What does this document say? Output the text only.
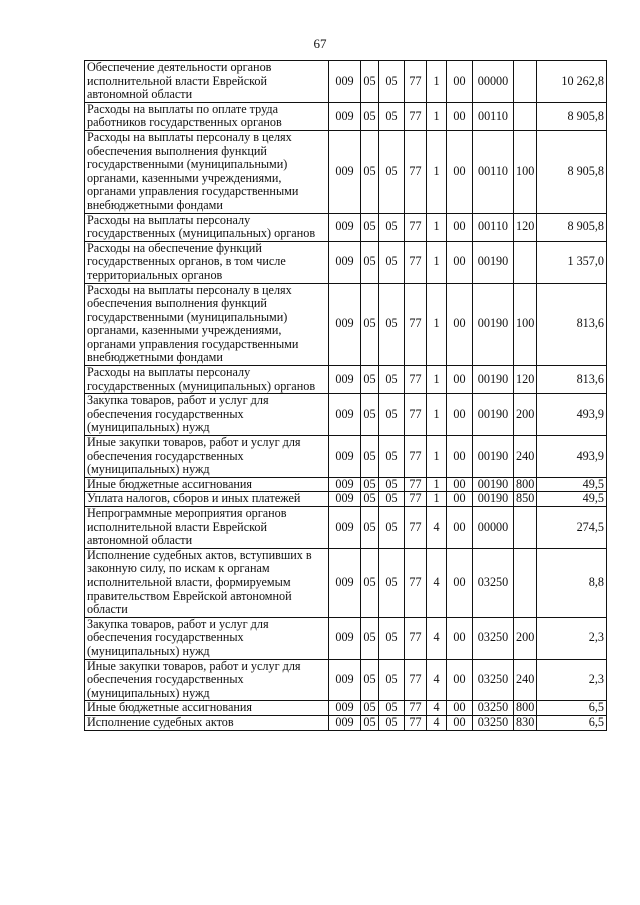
67
Обеспечение деятельности органов исполнительной власти Еврейской автономной области	009	05	05	77	1	00	00000		10 262,8
Расходы на выплаты по оплате труда работников государственных органов	009	05	05	77	1	00	00110		8 905,8
Расходы на выплаты персоналу в целях обеспечения выполнения функций государственными (муниципальными) органами, казенными учреждениями, органами управления государственными внебюджетными фондами	009	05	05	77	1	00	00110	100	8 905,8
Расходы на выплаты персоналу государственных (муниципальных) органов	009	05	05	77	1	00	00110	120	8 905,8
Расходы на обеспечение функций государственных органов, в том числе территориальных органов	009	05	05	77	1	00	00190		1 357,0
Расходы на выплаты персоналу в целях обеспечения выполнения функций государственными (муниципальными) органами, казенными учреждениями, органами управления государственными внебюджетными фондами	009	05	05	77	1	00	00190	100	813,6
Расходы на выплаты персоналу государственных (муниципальных) органов	009	05	05	77	1	00	00190	120	813,6
Закупка товаров, работ и услуг для обеспечения государственных (муниципальных) нужд	009	05	05	77	1	00	00190	200	493,9
Иные закупки товаров, работ и услуг для обеспечения государственных (муниципальных) нужд	009	05	05	77	1	00	00190	240	493,9
Иные бюджетные ассигнования	009	05	05	77	1	00	00190	800	49,5
Уплата налогов, сборов и иных платежей	009	05	05	77	1	00	00190	850	49,5
Непрограммные мероприятия органов исполнительной власти Еврейской автономной области	009	05	05	77	4	00	00000		274,5
Исполнение судебных актов, вступивших в законную силу, по искам к органам исполнительной власти, формируемым правительством Еврейской автономной области	009	05	05	77	4	00	03250		8,8
Закупка товаров, работ и услуг для обеспечения государственных (муниципальных) нужд	009	05	05	77	4	00	03250	200	2,3
Иные закупки товаров, работ и услуг для обеспечения государственных (муниципальных) нужд	009	05	05	77	4	00	03250	240	2,3
Иные бюджетные ассигнования	009	05	05	77	4	00	03250	800	6,5
Исполнение судебных актов	009	05	05	77	4	00	03250	830	6,5
